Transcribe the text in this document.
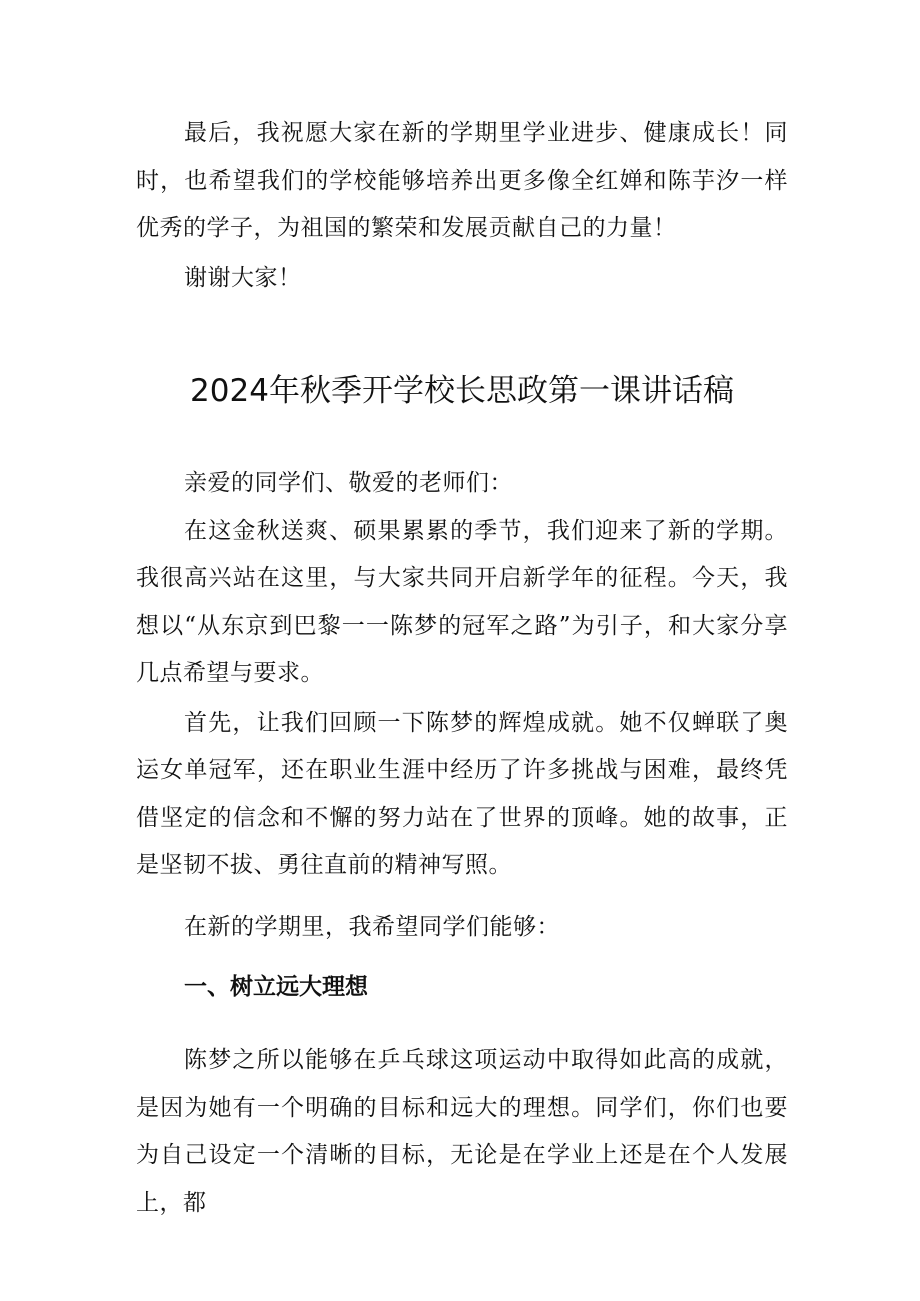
最后，我祝愿大家在新的学期里学业进步、健康成长！同时，也希望我们的学校能够培养出更多像全红婵和陈芋汐一样优秀的学子，为祖国的繁荣和发展贡献自己的力量！

谢谢大家！

2024年秋季开学校长思政第一课讲话稿

亲爱的同学们、敬爱的老师们：

在这金秋送爽、硕果累累的季节，我们迎来了新的学期。我很高兴站在这里，与大家共同开启新学年的征程。今天，我想以“从东京到巴黎一一陈梦的冠军之路”为引子，和大家分享几点希望与要求。

首先，让我们回顾一下陈梦的辉煌成就。她不仅蝉联了奥运女单冠军，还在职业生涯中经历了许多挑战与困难，最终凭借坚定的信念和不懈的努力站在了世界的顶峰。她的故事，正是坚韧不拔、勇往直前的精神写照。

在新的学期里，我希望同学们能够：

一、树立远大理想

陈梦之所以能够在乒乓球这项运动中取得如此高的成就，是因为她有一个明确的目标和远大的理想。同学们，你们也要为自己设定一个清晰的目标，无论是在学业上还是在个人发展上，都
